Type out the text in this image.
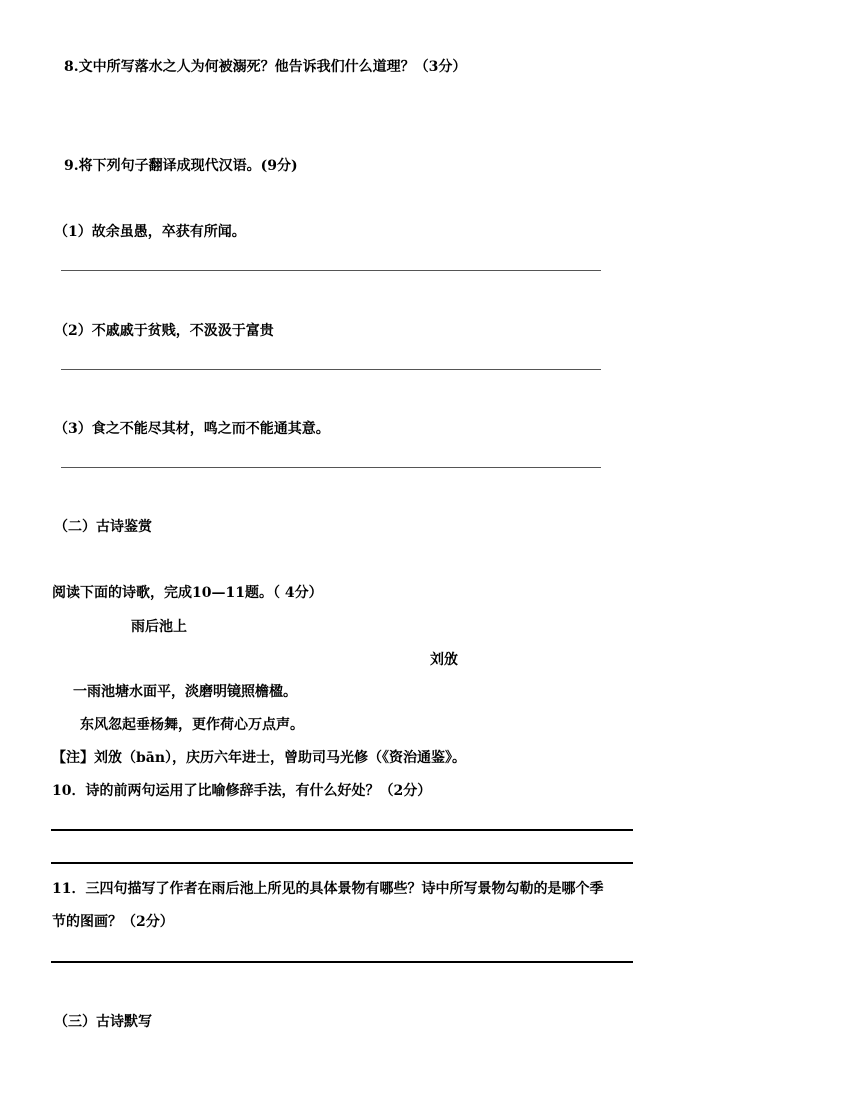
8.文中所写落水之人为何被溺死？他告诉我们什么道理？（3分）
9.将下列句子翻译成现代汉语。(9分)
（1）故余虽愚，卒获有所闻。
（2）不戚戚于贫贱，不汲汲于富贵
（3）食之不能尽其材，鸣之而不能通其意。
（二）古诗鉴赏
阅读下面的诗歌，完成10—11题。（ 4分）
雨后池上
刘攽
一雨池塘水面平，淡磨明镜照檐楹。
东风忽起垂杨舞，更作荷心万点声。
【注】刘攽（bān），庆历六年进士，曾助司马光修（《资治通鉴》。
10．诗的前两句运用了比喻修辞手法，有什么好处？（2分）
11．三四句描写了作者在雨后池上所见的具体景物有哪些？诗中所写景物勾勒的是哪个季
节的图画？（2分）
（三）古诗默写
